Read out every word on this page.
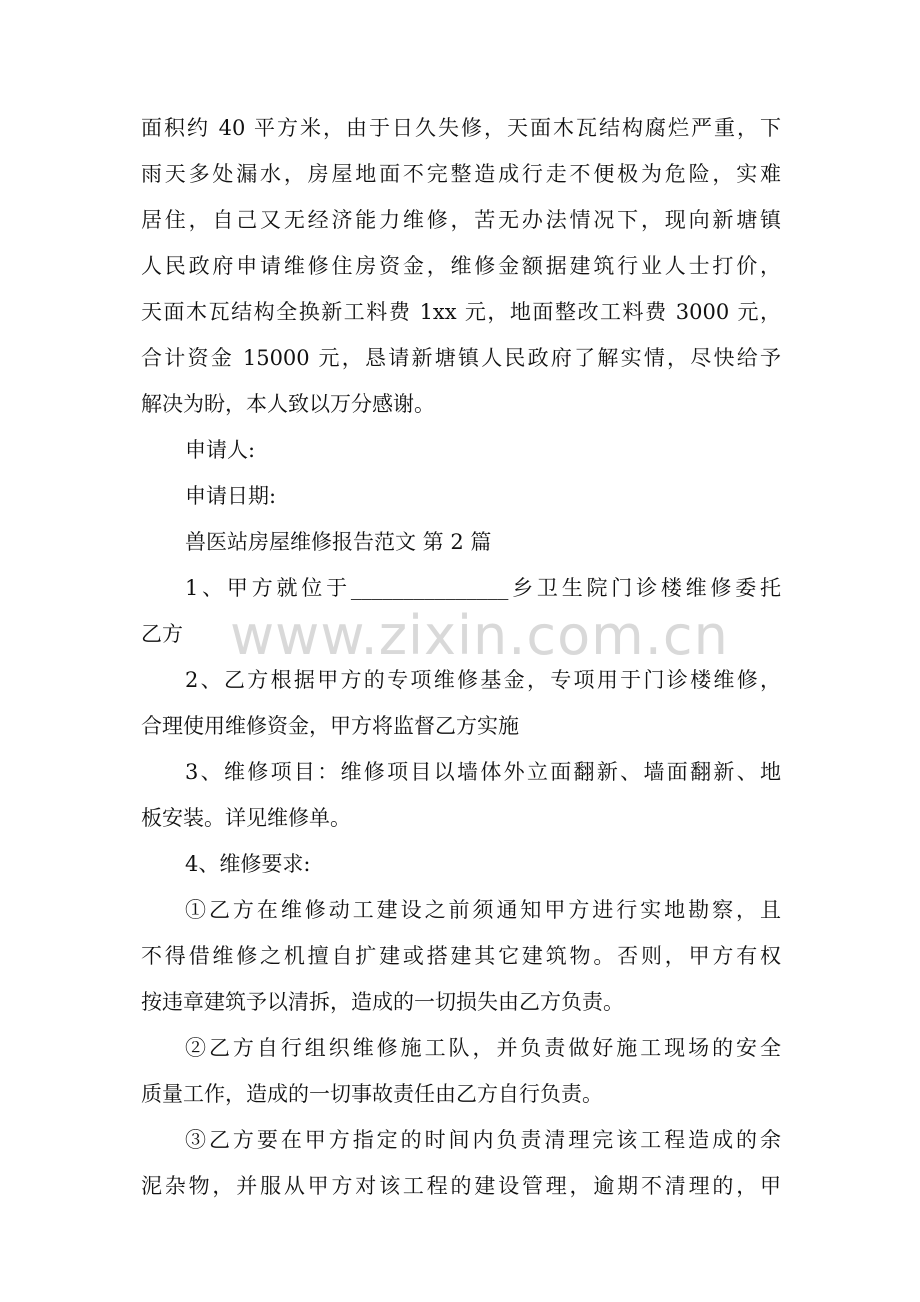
www.zixin.com.cn
面积约 40 平方米，由于日久失修，天面木瓦结构腐烂严重，下
雨天多处漏水，房屋地面不完整造成行走不便极为危险，实难
居住，自己又无经济能力维修，苦无办法情况下，现向新塘镇
人民政府申请维修住房资金，维修金额据建筑行业人士打价，
天面木瓦结构全换新工料费 1xx 元，地面整改工料费 3000 元，
合计资金 15000 元，恳请新塘镇人民政府了解实情，尽快给予
解决为盼，本人致以万分感谢。
申请人:
申请日期:
兽医站房屋维修报告范文 第 2 篇
1、甲方就位于_______________乡卫生院门诊楼维修委托
乙方
2、乙方根据甲方的专项维修基金，专项用于门诊楼维修，
合理使用维修资金，甲方将监督乙方实施
3、维修项目：维修项目以墙体外立面翻新、墙面翻新、地
板安装。详见维修单。
4、维修要求:
①乙方在维修动工建设之前须通知甲方进行实地勘察，且
不得借维修之机擅自扩建或搭建其它建筑物。否则，甲方有权
按违章建筑予以清拆，造成的一切损失由乙方负责。
②乙方自行组织维修施工队，并负责做好施工现场的安全
质量工作，造成的一切事故责任由乙方自行负责。
③乙方要在甲方指定的时间内负责清理完该工程造成的余
泥杂物，并服从甲方对该工程的建设管理，逾期不清理的，甲
